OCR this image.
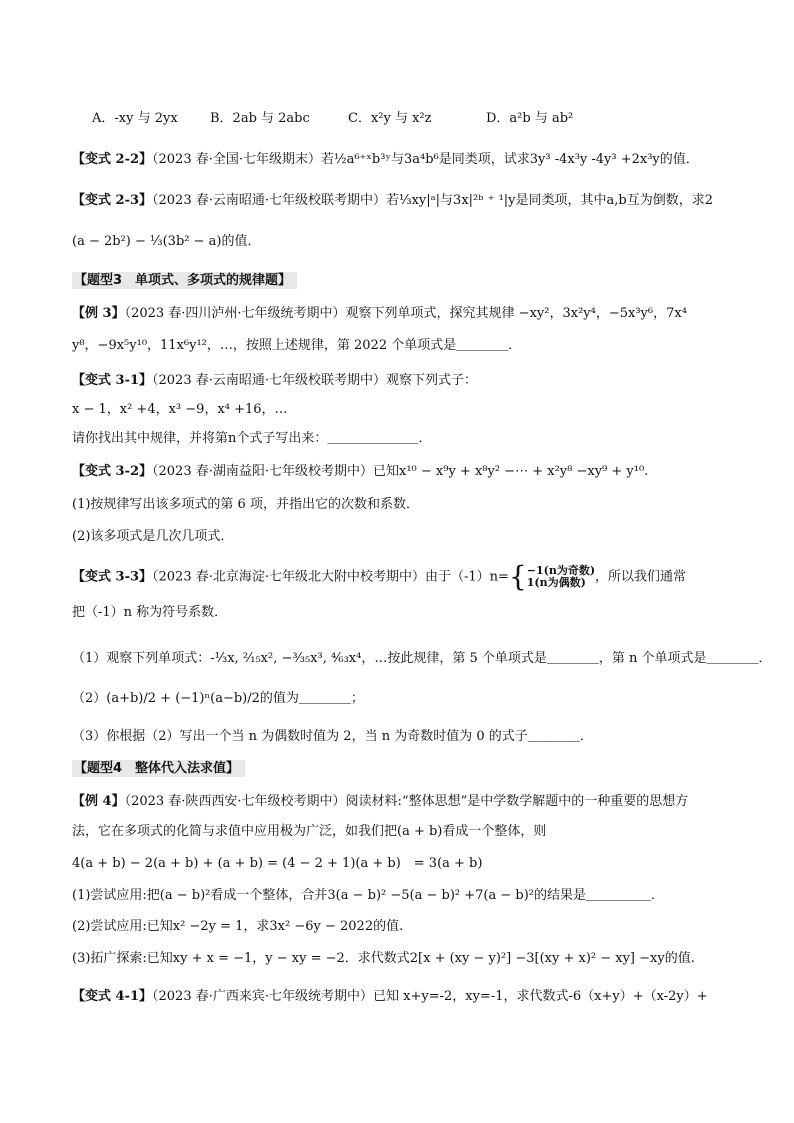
A．-xy 与 2yx B．2ab 与 2abc	C．x²y 与 x²z	D．a²b 与 ab²
【变式 2-2】（2023 春·全国·七年级期末）若½a⁶⁺ˣb³ʸ与3a⁴b⁶是同类项，试求3y³ -4x³y -4y³ +2x³y的值．
【变式 2-3】（2023 春·云南昭通·七年级校联考期中）若⅓xy|ᵃ|与3x|²ᵇ ⁺ ¹|y是同类项，其中a,b互为倒数，求2
(a − 2b²) − ⅓(3b² − a)的值．
【题型3　单项式、多项式的规律题】
【例 3】（2023 春·四川泸州·七年级统考期中）观察下列单项式，探究其规律 −xy²，3x²y⁴，−5x³y⁶，7x⁴
y⁸，−9x⁵y¹⁰，11x⁶y¹²，…，按照上述规律，第 2022 个单项式是＿＿＿＿．
【变式 3-1】（2023 春·云南昭通·七年级校联考期中）观察下列式子：
x − 1，x² +4，x³ −9，x⁴ +16，…
请你找出其中规律，并将第n个式子写出来：＿＿＿＿＿＿＿．
【变式 3-2】（2023 春·湖南益阳·七年级校考期中）已知x¹⁰ − x⁹y + x⁸y² −⋯ + x²y⁸ −xy⁹ + y¹⁰.
(1)按规律写出该多项式的第 6 项，并指出它的次数和系数．
(2)该多项式是几次几项式．
【变式 3-3】（2023 春·北京海淀·七年级北大附中校考期中）由于（-1）n={ −1(n为奇数)
1(n为偶数) ，所以我们通常
把（-1）n 称为符号系数．
（1）观察下列单项式：-⅓x, ²⁄₁₅x², −³⁄₃₅x³, ⁴⁄₆₃x⁴，…按此规律，第 5 个单项式是＿＿＿＿，第 n 个单项式是＿＿＿＿．
（2）(a+b)/2 + (−1)ⁿ(a−b)/2的值为＿＿＿＿；
（3）你根据（2）写出一个当 n 为偶数时值为 2，当 n 为奇数时值为 0 的式子＿＿＿＿．
【题型4　整体代入法求值】
【例 4】（2023 春·陕西西安·七年级校考期中）阅读材料:“整体思想”是中学数学解题中的一种重要的思想方
法，它在多项式的化简与求值中应用极为广泛，如我们把(a + b)看成一个整体，则
4(a + b) − 2(a + b) + (a + b) = (4 − 2 + 1)(a + b)　= 3(a + b)
(1)尝试应用:把(a − b)²看成一个整体，合并3(a − b)² −5(a − b)² +7(a − b)²的结果是＿＿＿＿＿．
(2)尝试应用:已知x² −2y = 1，求3x² −6y − 2022的值.
(3)拓广探索:已知xy + x = −1，y − xy = −2．求代数式2[x + (xy − y)²] −3[(xy + x)² − xy] −xy的值.
【变式 4-1】（2023 春·广西来宾·七年级统考期中）已知 x+y=-2，xy=-1，求代数式-6（x+y）+（x-2y）+
